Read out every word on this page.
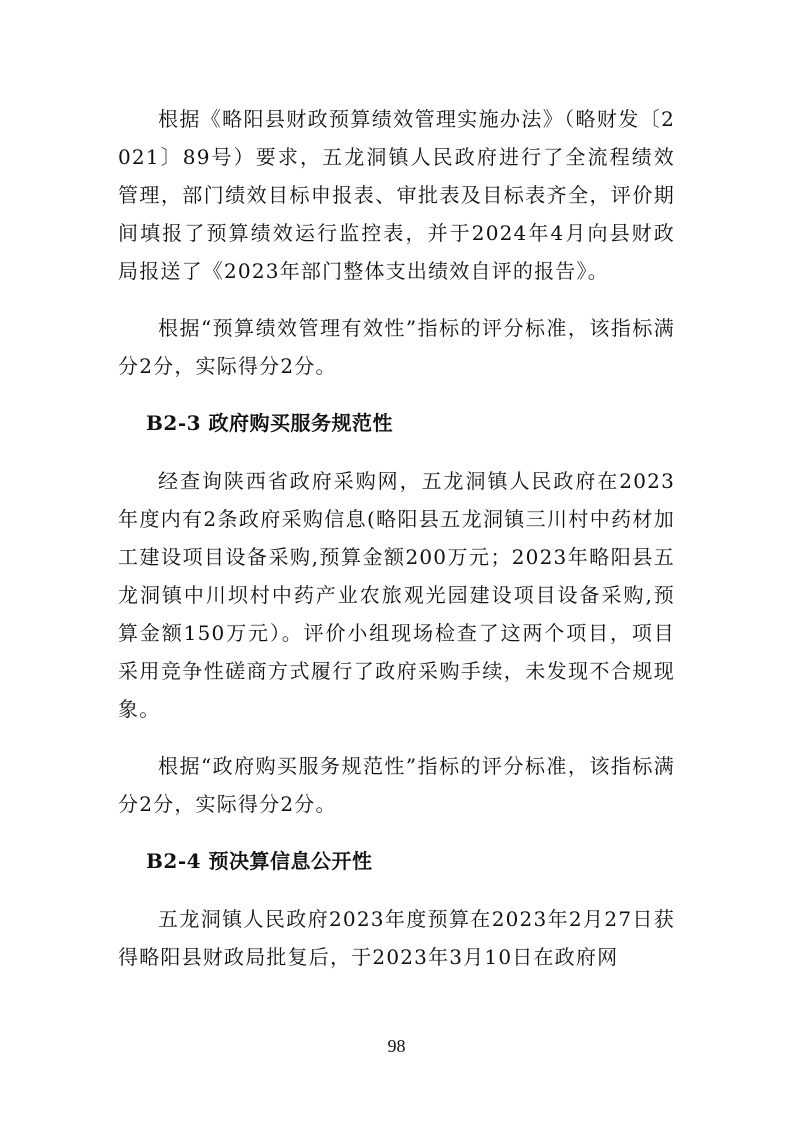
根据《略阳县财政预算绩效管理实施办法》（略财发〔2021〕89号）要求，五龙洞镇人民政府进行了全流程绩效管理，部门绩效目标申报表、审批表及目标表齐全，评价期间填报了预算绩效运行监控表，并于2024年4月向县财政局报送了《2023年部门整体支出绩效自评的报告》。

根据“预算绩效管理有效性”指标的评分标准，该指标满分2分，实际得分2分。

B2-3 政府购买服务规范性

经查询陕西省政府采购网，五龙洞镇人民政府在2023年度内有2条政府采购信息(略阳县五龙洞镇三川村中药材加工建设项目设备采购,预算金额200万元；2023年略阳县五龙洞镇中川坝村中药产业农旅观光园建设项目设备采购,预算金额150万元）。评价小组现场检查了这两个项目，项目采用竞争性磋商方式履行了政府采购手续，未发现不合规现象。

根据“政府购买服务规范性”指标的评分标准，该指标满分2分，实际得分2分。

B2-4 预决算信息公开性

五龙洞镇人民政府2023年度预算在2023年2月27日获得略阳县财政局批复后，于2023年3月10日在政府网

98
